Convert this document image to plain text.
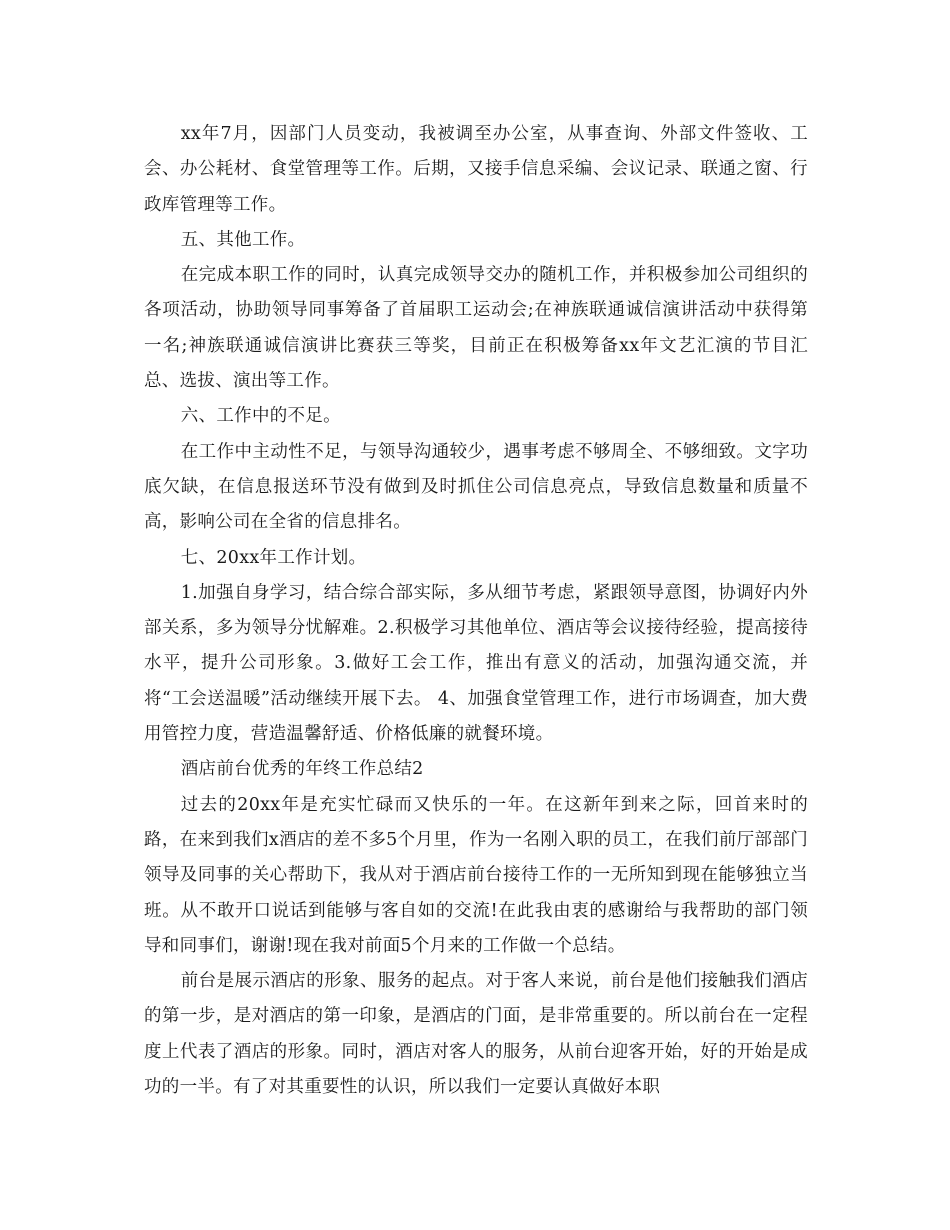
xx年7月，因部门人员变动，我被调至办公室，从事查询、外部文件签收、工会、办公耗材、食堂管理等工作。后期，又接手信息采编、会议记录、联通之窗、行政库管理等工作。

五、其他工作。

在完成本职工作的同时，认真完成领导交办的随机工作，并积极参加公司组织的各项活动，协助领导同事筹备了首届职工运动会;在神族联通诚信演讲活动中获得第一名;神族联通诚信演讲比赛获三等奖，目前正在积极筹备xx年文艺汇演的节目汇总、选拔、演出等工作。

六、工作中的不足。

在工作中主动性不足，与领导沟通较少，遇事考虑不够周全、不够细致。文字功底欠缺，在信息报送环节没有做到及时抓住公司信息亮点，导致信息数量和质量不高，影响公司在全省的信息排名。

七、20xx年工作计划。

1.加强自身学习，结合综合部实际，多从细节考虑，紧跟领导意图，协调好内外部关系，多为领导分忧解难。2.积极学习其他单位、酒店等会议接待经验，提高接待水平，提升公司形象。3.做好工会工作，推出有意义的活动，加强沟通交流，并将“工会送温暖”活动继续开展下去。 4、加强食堂管理工作，进行市场调查，加大费用管控力度，营造温馨舒适、价格低廉的就餐环境。

酒店前台优秀的年终工作总结2

过去的20xx年是充实忙碌而又快乐的一年。在这新年到来之际，回首来时的路，在来到我们x酒店的差不多5个月里，作为一名刚入职的员工，在我们前厅部部门领导及同事的关心帮助下，我从对于酒店前台接待工作的一无所知到现在能够独立当班。从不敢开口说话到能够与客自如的交流!在此我由衷的感谢给与我帮助的部门领导和同事们，谢谢!现在我对前面5个月来的工作做一个总结。

前台是展示酒店的形象、服务的起点。对于客人来说，前台是他们接触我们酒店的第一步，是对酒店的第一印象，是酒店的门面，是非常重要的。所以前台在一定程度上代表了酒店的形象。同时，酒店对客人的服务，从前台迎客开始，好的开始是成功的一半。有了对其重要性的认识，所以我们一定要认真做好本职
